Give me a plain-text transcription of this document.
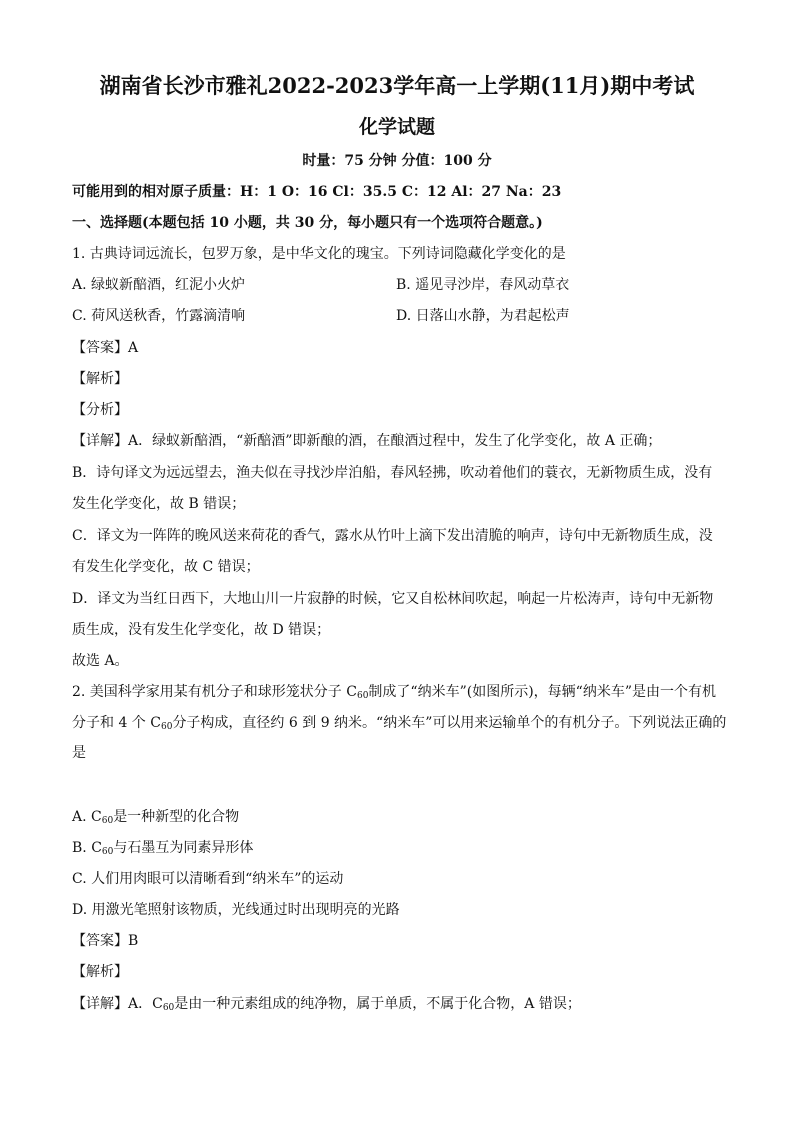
湖南省长沙市雅礼2022-2023学年高一上学期(11月)期中考试
化学试题
时量：75 分钟 分值：100 分
可能用到的相对原子质量：H：1 O：16 Cl：35.5 C：12 Al：27 Na：23
一、选择题(本题包括 10 小题，共 30 分，每小题只有一个选项符合题意。)
1. 古典诗词远流长，包罗万象，是中华文化的瑰宝。下列诗词隐藏化学变化的是
A. 绿蚁新醅酒，红泥小火炉	B. 遥见寻沙岸，春风动草衣
C. 荷风送秋香，竹露滴清响	D. 日落山水静，为君起松声
【答案】A
【解析】
【分析】
【详解】A．绿蚁新醅酒，“新醅酒”即新酿的酒，在酿酒过程中，发生了化学变化，故 A 正确；
B．诗句译文为远远望去，渔夫似在寻找沙岸泊船，春风轻拂，吹动着他们的蓑衣，无新物质生成，没有
发生化学变化，故 B 错误；
C．译文为一阵阵的晚风送来荷花的香气，露水从竹叶上滴下发出清脆的响声，诗句中无新物质生成，没
有发生化学变化，故 C 错误；
D．译文为当红日西下，大地山川一片寂静的时候，它又自松林间吹起，响起一片松涛声，诗句中无新物
质生成，没有发生化学变化，故 D 错误；
故选 A。
2. 美国科学家用某有机分子和球形笼状分子 $C_{60}$制成了“纳米车”(如图所示)，每辆“纳米车”是由一个有机
分子和 4 个 $C_{60}$分子构成，直径约 6 到 9 纳米。“纳米车”可以用来运输单个的有机分子。下列说法正确的
是
A. $C_{60}$是一种新型的化合物
B. $C_{60}$与石墨互为同素异形体
C. 人们用肉眼可以清晰看到“纳米车”的运动
D. 用激光笔照射该物质，光线通过时出现明亮的光路
【答案】B
【解析】
【详解】A．$C_{60}$是由一种元素组成的纯净物，属于单质，不属于化合物，A 错误；
